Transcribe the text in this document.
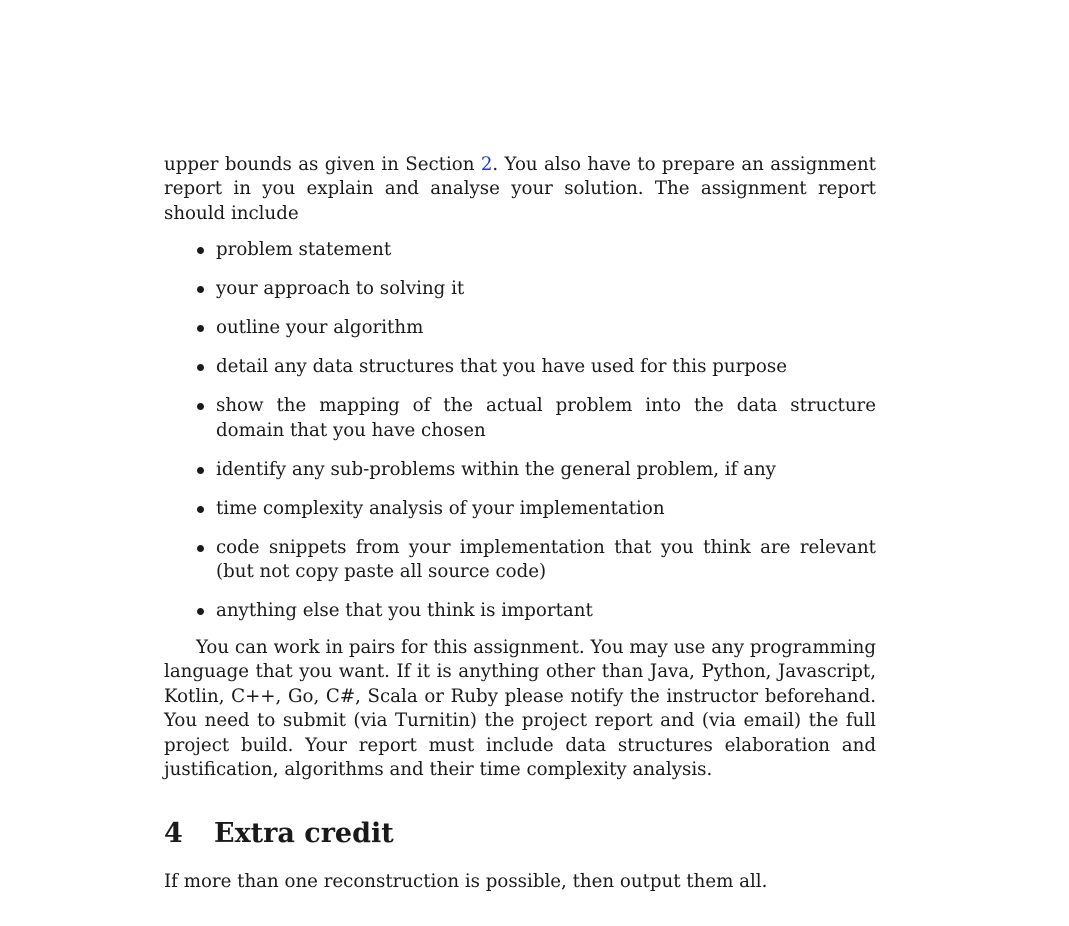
upper bounds as given in Section 2. You also have to prepare an assignment report in you explain and analyse your solution. The assignment report should include

problem statement
your approach to solving it
outline your algorithm
detail any data structures that you have used for this purpose
show the mapping of the actual problem into the data structure domain that you have chosen
identify any sub-problems within the general problem, if any
time complexity analysis of your implementation
code snippets from your implementation that you think are relevant (but not copy paste all source code)
anything else that you think is important

You can work in pairs for this assignment. You may use any programming language that you want. If it is anything other than Java, Python, Javascript, Kotlin, C++, Go, C#, Scala or Ruby please notify the instructor beforehand. You need to submit (via Turnitin) the project report and (via email) the full project build. Your report must include data structures elaboration and justification, algorithms and their time complexity analysis.

4 Extra credit

If more than one reconstruction is possible, then output them all.
